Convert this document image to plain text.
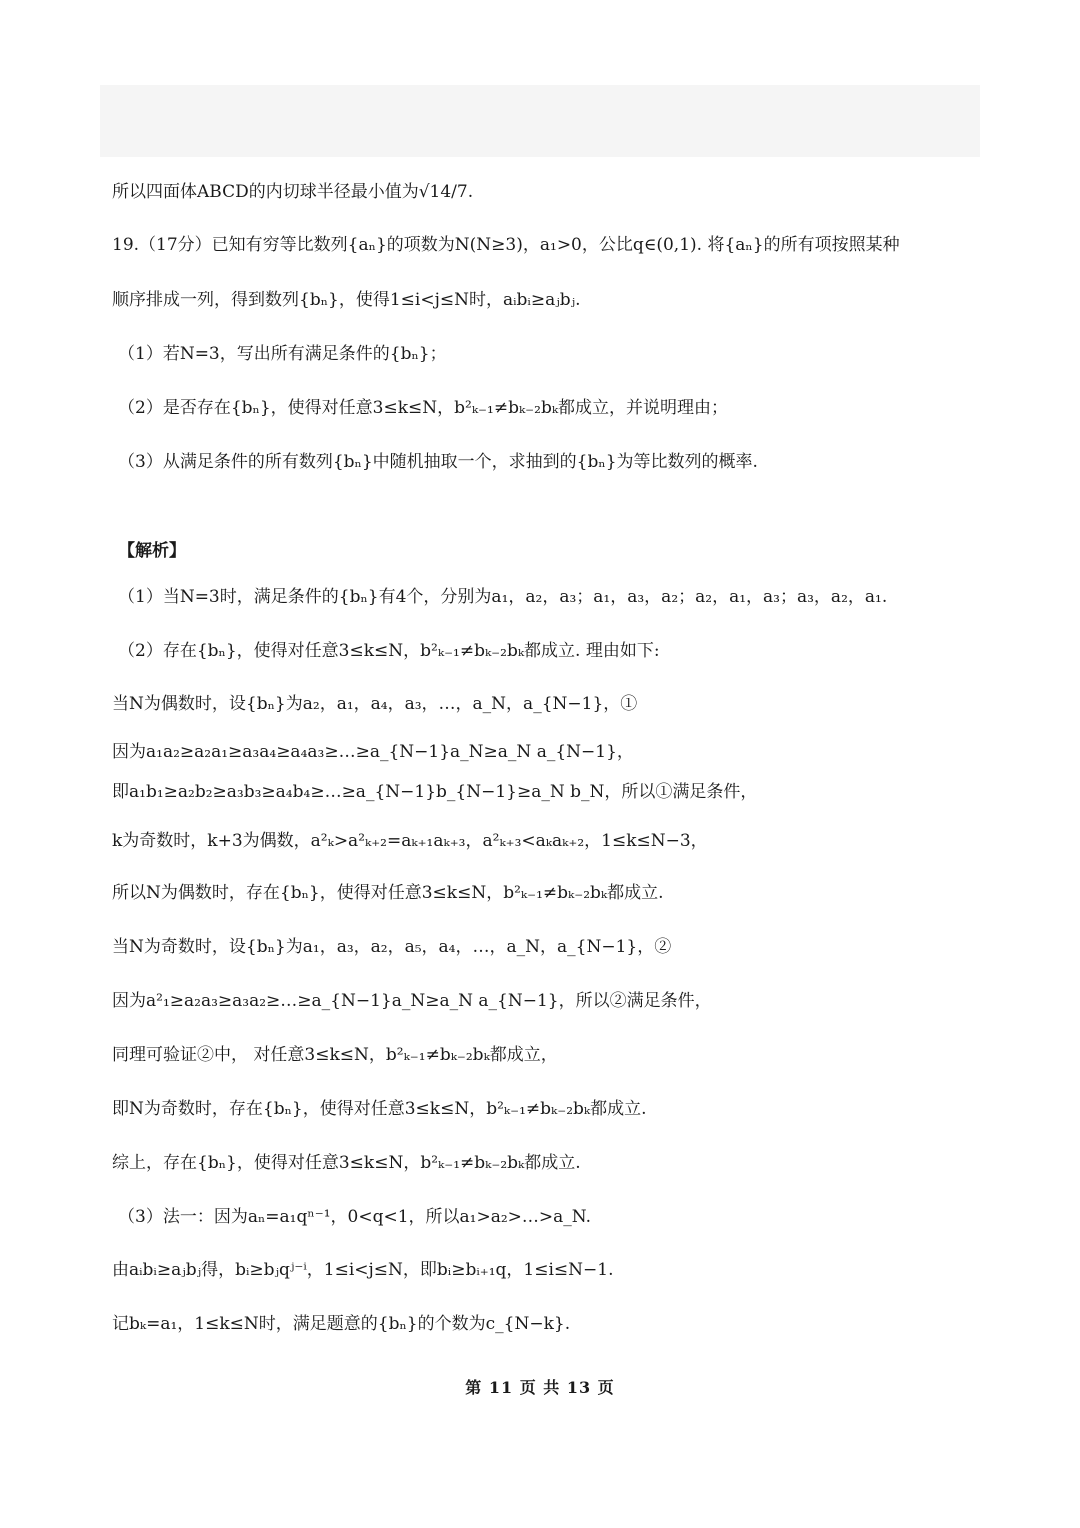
所以四面体ABCD的内切球半径最小值为√14/7.
19.（17分）已知有穷等比数列{aₙ}的项数为N(N≥3)，a₁>0，公比q∈(0,1). 将{aₙ}的所有项按照某种
顺序排成一列，得到数列{bₙ}，使得1≤i<j≤N时，aᵢbᵢ≥aⱼbⱼ.
（1）若N=3，写出所有满足条件的{bₙ}；
（2）是否存在{bₙ}，使得对任意3≤k≤N，b²ₖ₋₁≠bₖ₋₂bₖ都成立，并说明理由；
（3）从满足条件的所有数列{bₙ}中随机抽取一个，求抽到的{bₙ}为等比数列的概率.
【解析】
（1）当N=3时，满足条件的{bₙ}有4个，分别为a₁，a₂，a₃；a₁，a₃，a₂；a₂，a₁，a₃；a₃，a₂，a₁.
（2）存在{bₙ}，使得对任意3≤k≤N，b²ₖ₋₁≠bₖ₋₂bₖ都成立. 理由如下:
当N为偶数时，设{bₙ}为a₂，a₁，a₄，a₃，…，a_N，a_{N−1}，①
因为a₁a₂≥a₂a₁≥a₃a₄≥a₄a₃≥…≥a_{N−1}a_N≥a_N a_{N−1}，
即a₁b₁≥a₂b₂≥a₃b₃≥a₄b₄≥…≥a_{N−1}b_{N−1}≥a_N b_N，所以①满足条件，
k为奇数时，k+3为偶数，a²ₖ>a²ₖ₊₂=aₖ₊₁aₖ₊₃，a²ₖ₊₃<aₖaₖ₊₂，1≤k≤N−3，
所以N为偶数时，存在{bₙ}，使得对任意3≤k≤N，b²ₖ₋₁≠bₖ₋₂bₖ都成立.
当N为奇数时，设{bₙ}为a₁，a₃，a₂，a₅，a₄，…，a_N，a_{N−1}，②
因为a²₁≥a₂a₃≥a₃a₂≥…≥a_{N−1}a_N≥a_N a_{N−1}，所以②满足条件，
同理可验证②中， 对任意3≤k≤N，b²ₖ₋₁≠bₖ₋₂bₖ都成立，
即N为奇数时，存在{bₙ}，使得对任意3≤k≤N，b²ₖ₋₁≠bₖ₋₂bₖ都成立.
综上，存在{bₙ}，使得对任意3≤k≤N，b²ₖ₋₁≠bₖ₋₂bₖ都成立.
（3）法一：因为aₙ=a₁qⁿ⁻¹，0<q<1，所以a₁>a₂>…>a_N.
由aᵢbᵢ≥aⱼbⱼ得，bᵢ≥bⱼqʲ⁻ⁱ，1≤i<j≤N，即bᵢ≥bᵢ₊₁q，1≤i≤N−1.
记bₖ=a₁，1≤k≤N时，满足题意的{bₙ}的个数为c_{N−k}.
第 11 页 共 13 页
